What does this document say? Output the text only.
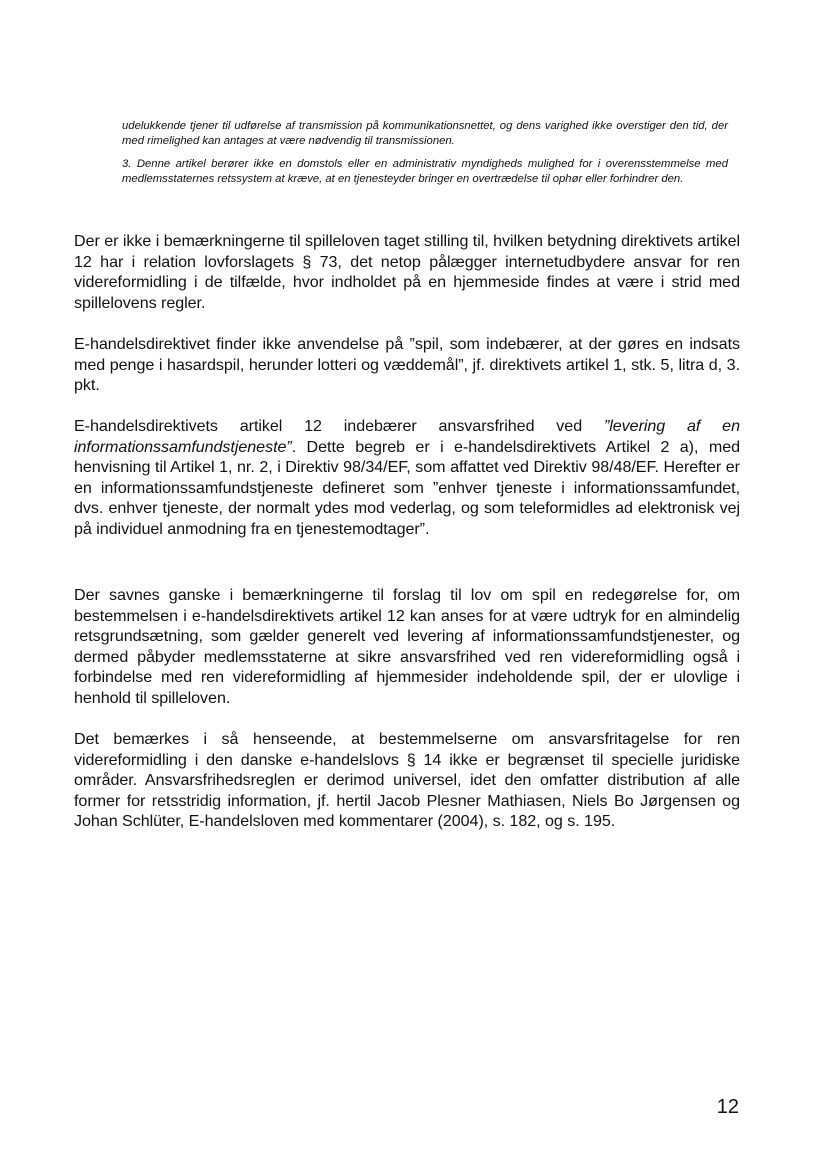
udelukkende tjener til udførelse af transmission på kommunikationsnettet, og dens varighed ikke overstiger den tid, der med rimelighed kan antages at være nødvendig til transmissionen.

3. Denne artikel berører ikke en domstols eller en administrativ myndigheds mulighed for i overensstemmelse med medlemsstaternes retssystem at kræve, at en tjenesteyder bringer en overtrædelse til ophør eller forhindrer den.

Der er ikke i bemærkningerne til spilleloven taget stilling til, hvilken betydning direktivets artikel 12 har i relation lovforslagets § 73, det netop pålægger internetudbydere ansvar for ren videreformidling i de tilfælde, hvor indholdet på en hjemmeside findes at være i strid med spillelovens regler.

E-handelsdirektivet finder ikke anvendelse på ”spil, som indebærer, at der gøres en indsats med penge i hasardspil, herunder lotteri og væddemål”, jf. direktivets artikel 1, stk. 5, litra d, 3. pkt.

E-handelsdirektivets artikel 12 indebærer ansvarsfrihed ved ”levering af en informationssamfundstjeneste”. Dette begreb er i e-handelsdirektivets Artikel 2 a), med henvisning til Artikel 1, nr. 2, i Direktiv 98/34/EF, som affattet ved Direktiv 98/48/EF. Herefter er en informationssamfundstjeneste defineret som ”enhver tjeneste i informationssamfundet, dvs. enhver tjeneste, der normalt ydes mod vederlag, og som teleformidles ad elektronisk vej på individuel anmodning fra en tjenestemodtager”.

Der savnes ganske i bemærkningerne til forslag til lov om spil en redegørelse for, om bestemmelsen i e-handelsdirektivets artikel 12 kan anses for at være udtryk for en almindelig retsgrundsætning, som gælder generelt ved levering af informationssamfundstjenester, og dermed påbyder medlemsstaterne at sikre ansvarsfrihed ved ren videreformidling også i forbindelse med ren videreformidling af hjemmesider indeholdende spil, der er ulovlige i henhold til spilleloven.

Det bemærkes i så henseende, at bestemmelserne om ansvarsfritagelse for ren videreformidling i den danske e-handelslovs § 14 ikke er begrænset til specielle juridiske områder. Ansvarsfrihedsreglen er derimod universel, idet den omfatter distribution af alle former for retsstridig information, jf. hertil Jacob Plesner Mathiasen, Niels Bo Jørgensen og Johan Schlüter, E-handelsloven med kommentarer (2004), s. 182, og s. 195.

12
